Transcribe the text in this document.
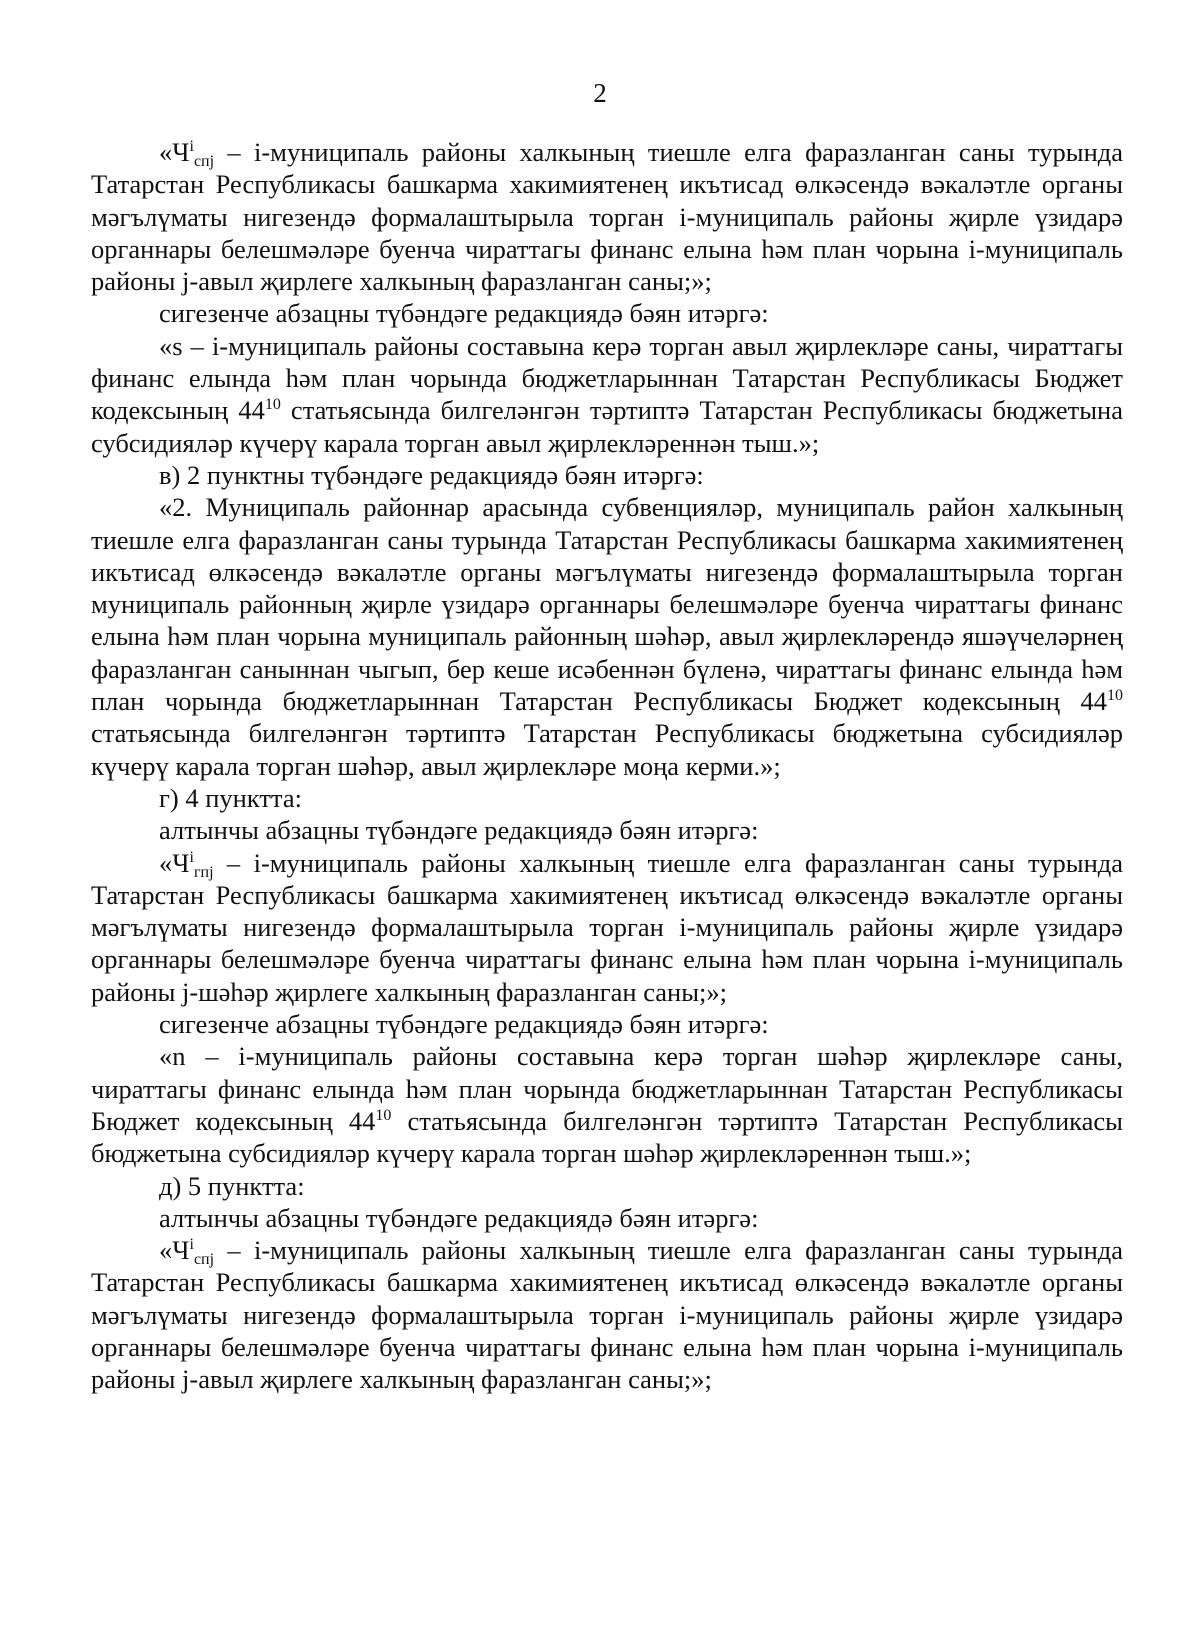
2

«$Ч^i_{cпj}$ – i-муниципаль районы халкының тиешле елга фаразланган саны турында Татарстан Республикасы башкарма хакимиятенең икътисад өлкәсендә вәкаләтле органы мәгълүматы нигезендә формалаштырыла торган i-муниципаль районы җирле үзидарә органнары белешмәләре буенча чираттагы финанс елына һәм план чорына i-муниципаль районы j-авыл җирлеге халкының фаразланган саны;»;

сигезенче абзацны түбәндәге редакциядә бәян итәргә:

«s – i-муниципаль районы составына керә торган авыл җирлекләре саны, чираттагы финанс елында һәм план чорында бюджетларыннан Татарстан Республикасы Бюджет кодексының $44^{10}$ статьясында билгеләнгән тәртиптә Татарстан Республикасы бюджетына субсидияләр күчерү карала торган авыл җирлекләреннән тыш.»;

в) 2 пунктны түбәндәге редакциядә бәян итәргә:

«2. Муниципаль районнар арасында субвенцияләр, муниципаль район халкының тиешле елга фаразланган саны турында Татарстан Республикасы башкарма хакимиятенең икътисад өлкәсендә вәкаләтле органы мәгълүматы нигезендә формалаштырыла торган муниципаль районның җирле үзидарә органнары белешмәләре буенча чираттагы финанс елына һәм план чорына муниципаль районның шәһәр, авыл җирлекләрендә яшәүчеләрнең фаразланган саныннан чыгып, бер кеше исәбеннән бүленә, чираттагы финанс елында һәм план чорында бюджетларыннан Татарстан Республикасы Бюджет кодексының $44^{10}$ статьясында билгеләнгән тәртиптә Татарстан Республикасы бюджетына субсидияләр күчерү карала торган шәһәр, авыл җирлекләре моңа керми.»;

г) 4 пунктта:

алтынчы абзацны түбәндәге редакциядә бәян итәргә:

«$Ч^i_{гпj}$ – i-муниципаль районы халкының тиешле елга фаразланган саны турында Татарстан Республикасы башкарма хакимиятенең икътисад өлкәсендә вәкаләтле органы мәгълүматы нигезендә формалаштырыла торган i-муниципаль районы җирле үзидарә органнары белешмәләре буенча чираттагы финанс елына һәм план чорына i-муниципаль районы j-шәһәр җирлеге халкының фаразланган саны;»;

сигезенче абзацны түбәндәге редакциядә бәян итәргә:

«n – i-муниципаль районы составына керә торган шәһәр җирлекләре саны, чираттагы финанс елында һәм план чорында бюджетларыннан Татарстан Республикасы Бюджет кодексының $44^{10}$ статьясында билгеләнгән тәртиптә Татарстан Республикасы бюджетына субсидияләр күчерү карала торган шәһәр җирлекләреннән тыш.»;

д) 5 пунктта:

алтынчы абзацны түбәндәге редакциядә бәян итәргә:

«$Ч^i_{cпj}$ – i-муниципаль районы халкының тиешле елга фаразланган саны турында Татарстан Республикасы башкарма хакимиятенең икътисад өлкәсендә вәкаләтле органы мәгълүматы нигезендә формалаштырыла торган i-муниципаль районы җирле үзидарә органнары белешмәләре буенча чираттагы финанс елына һәм план чорына i-муниципаль районы j-авыл җирлеге халкының фаразланган саны;»;
